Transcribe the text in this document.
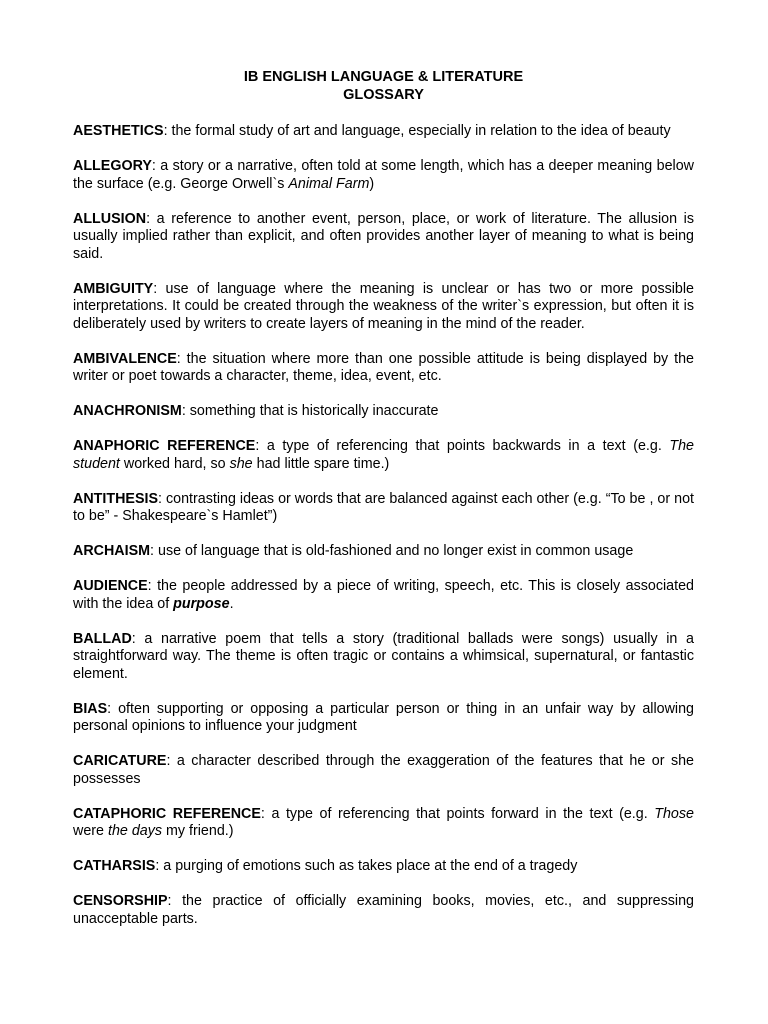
IB ENGLISH LANGUAGE & LITERATURE

GLOSSARY

AESTHETICS: the formal study of art and language, especially in relation to the idea of beauty

ALLEGORY: a story or a narrative, often told at some length, which has a deeper meaning below the surface (e.g. George Orwell`s Animal Farm)

ALLUSION: a reference to another event, person, place, or work of literature. The allusion is usually implied rather than explicit, and often provides another layer of meaning to what is being said.

AMBIGUITY: use of language where the meaning is unclear or has two or more possible interpretations. It could be created through the weakness of the writer`s expression, but often it is deliberately used by writers to create layers of meaning in the mind of the reader.

AMBIVALENCE: the situation where more than one possible attitude is being displayed by the writer or poet towards a character, theme, idea, event, etc.

ANACHRONISM: something that is historically inaccurate

ANAPHORIC REFERENCE: a type of referencing that points backwards in a text (e.g. The student worked hard, so she had little spare time.)

ANTITHESIS: contrasting ideas or words that are balanced against each other (e.g. “To be , or not to be” - Shakespeare`s Hamlet”)

ARCHAISM: use of language that is old-fashioned and no longer exist in common usage

AUDIENCE: the people addressed by a piece of writing, speech, etc. This is closely associated with the idea of purpose.

BALLAD: a narrative poem that tells a story (traditional ballads were songs) usually in a straightforward way. The theme is often tragic or contains a whimsical, supernatural, or fantastic element.

BIAS: often supporting or opposing a particular person or thing in an unfair way by allowing personal opinions to influence your judgment

CARICATURE: a character described through the exaggeration of the features that he or she possesses

CATAPHORIC REFERENCE: a type of referencing that points forward in the text (e.g. Those were the days my friend.)

CATHARSIS: a purging of emotions such as takes place at the end of a tragedy

CENSORSHIP: the practice of officially examining books, movies, etc., and suppressing unacceptable parts.
